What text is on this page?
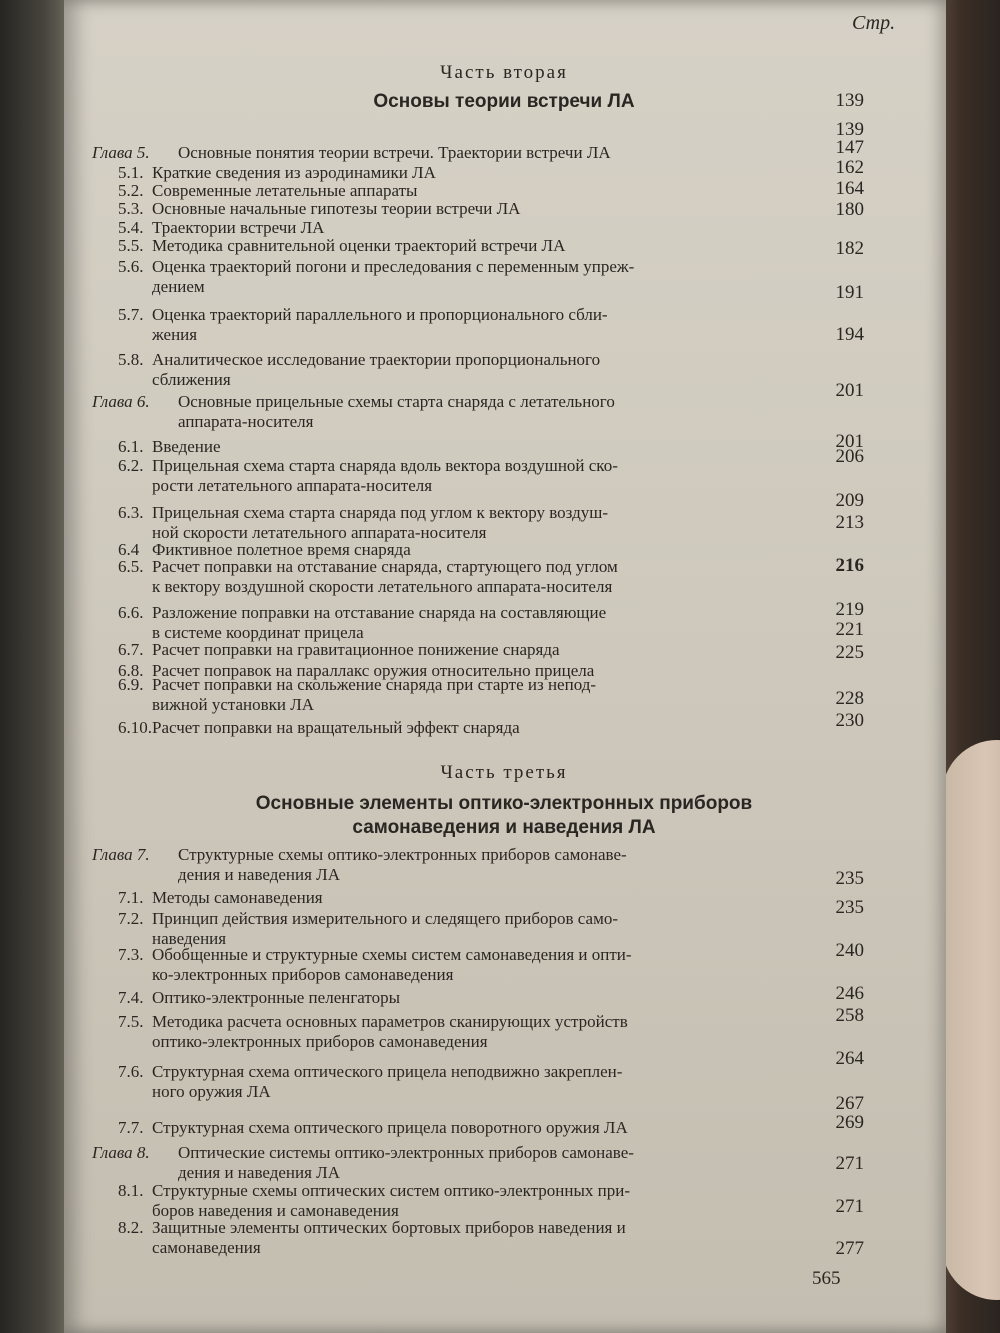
Стр.
Часть вторая
Основы теории встречи ЛА
Часть третья
Основные элементы оптико-электронных приборов
самонаведения и наведения ЛА
Глава 5. Основные понятия теории встречи. Траектории встречи ЛА
5.1. Краткие сведения из аэродинамики ЛА
5.2. Современные летательные аппараты
5.3. Основные начальные гипотезы теории встречи ЛА
5.4. Траектории встречи ЛА
5.5. Методика сравнительной оценки траекторий встречи ЛА
5.6. Оценка траекторий погони и преследования с переменным упреж-
дением
5.7. Оценка траекторий параллельного и пропорционального сбли-
жения
5.8. Аналитическое исследование траектории пропорционального
сближения
Глава 6. Основные прицельные схемы старта снаряда с летательного
аппарата-носителя
6.1. Введение
6.2. Прицельная схема старта снаряда вдоль вектора воздушной ско-
рости летательного аппарата-носителя
6.3. Прицельная схема старта снаряда под углом к вектору воздуш-
ной скорости летательного аппарата-носителя
6.4 Фиктивное полетное время снаряда
6.5. Расчет поправки на отставание снаряда, стартующего под углом
к вектору воздушной скорости летательного аппарата-носителя
6.6. Разложение поправки на отставание снаряда на составляющие
в системе координат прицела
6.7. Расчет поправки на гравитационное понижение снаряда
6.8. Расчет поправок на параллакс оружия относительно прицела
6.9. Расчет поправки на скольжение снаряда при старте из непод-
вижной установки ЛА
6.10.Расчет поправки на вращательный эффект снаряда
Глава 7. Структурные схемы оптико-электронных приборов самонаве-
дения и наведения ЛА
7.1. Методы самонаведения
7.2. Принцип действия измерительного и следящего приборов само-
наведения
7.3. Обобщенные и структурные схемы систем самонаведения и опти-
ко-электронных приборов самонаведения
7.4. Оптико-электронные пеленгаторы
7.5. Методика расчета основных параметров сканирующих устройств
оптико-электронных приборов самонаведения
7.6. Структурная схема оптического прицела неподвижно закреплен-
ного оружия ЛА
7.7. Структурная схема оптического прицела поворотного оружия ЛА
Глава 8. Оптические системы оптико-электронных приборов самонаве-
дения и наведения ЛА
8.1. Структурные схемы оптических систем оптико-электронных при-
боров наведения и самонаведения
8.2. Защитные элементы оптических бортовых приборов наведения и
самонаведения
139
139
147
162
164
180
182
191
194
201
201
206
209
213
216
219
221
225
228
230
235
235
240
246
258
264
267
269
271
271
277
565
